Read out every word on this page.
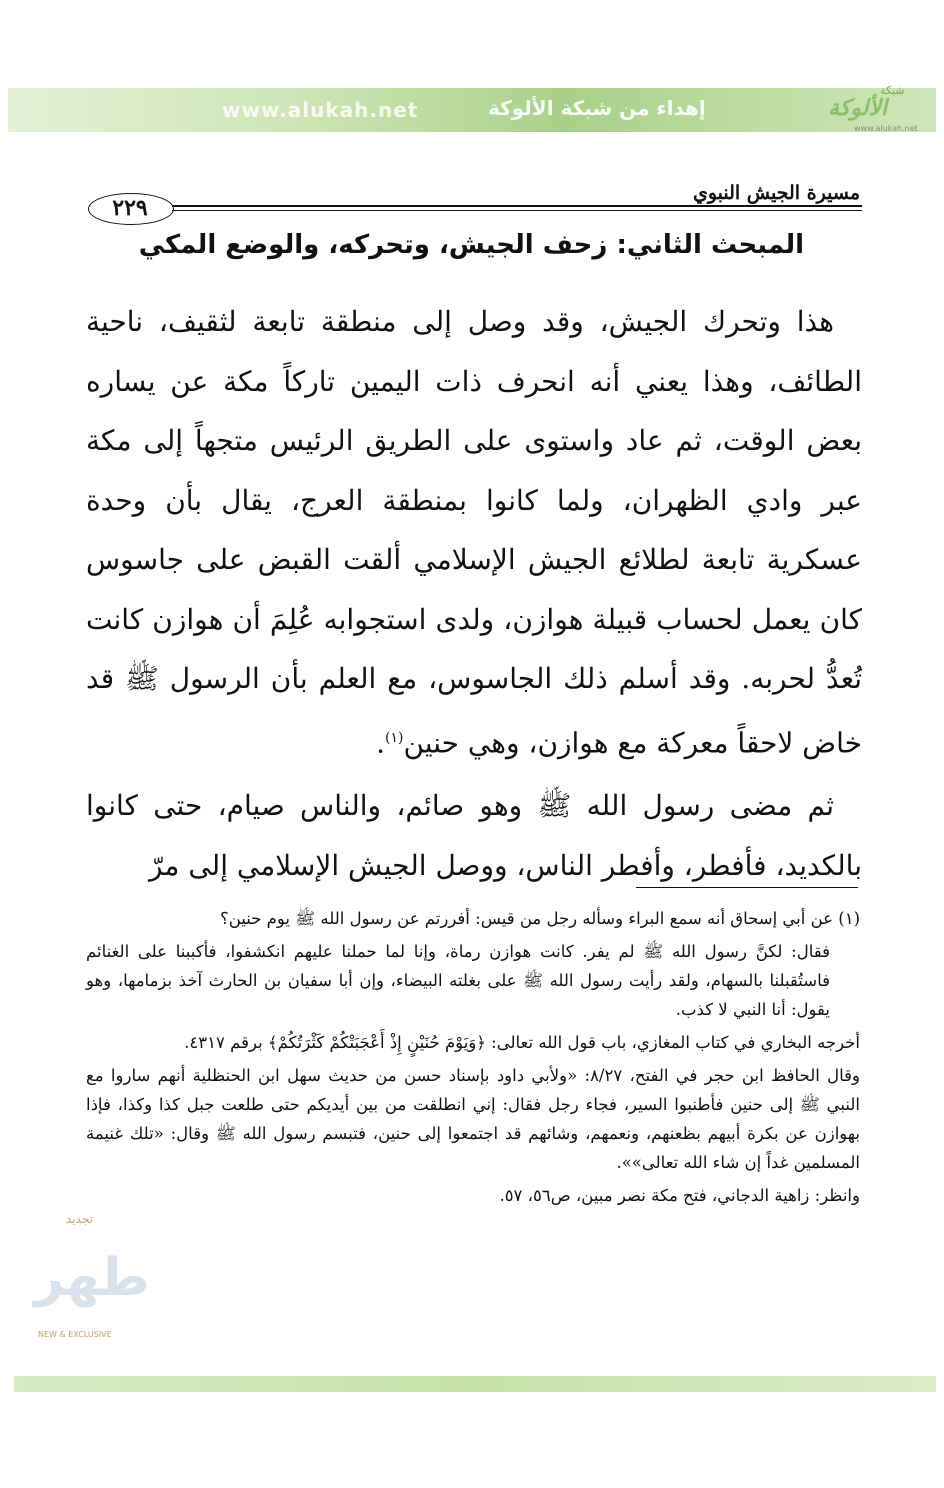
www.alukah.net	إهداء من شبكة الألوكة
شبكة
الألوكة
www.alukah.net
مسيرة الجيش النبوي
٢٢٩
المبحث الثاني: زحف الجيش، وتحركه، والوضع المكي

هذا وتحرك الجيش، وقد وصل إلى منطقة تابعة لثقيف، ناحية الطائف، وهذا يعني أنه انحرف ذات اليمين تاركاً مكة عن يساره بعض الوقت، ثم عاد واستوى على الطريق الرئيس متجهاً إلى مكة عبر وادي الظهران، ولما كانوا بمنطقة العرج، يقال بأن وحدة عسكرية تابعة لطلائع الجيش الإسلامي ألقت القبض على جاسوس كان يعمل لحساب قبيلة هوازن، ولدى استجوابه عُلِمَ أن هوازن كانت تُعدُّ لحربه. وقد أسلم ذلك الجاسوس، مع العلم بأن الرسول ﷺ قد خاض لاحقاً معركة مع هوازن، وهي حنين$^{(١)}$.

ثم مضى رسول الله ﷺ وهو صائم، والناس صيام، حتى كانوا بالكديد، فأفطر، وأفطر الناس، ووصل الجيش الإسلامي إلى مرّ

(١) عن أبي إسحاق أنه سمع البراء وسأله رجل من قيس: أفررتم عن رسول الله ﷺ يوم حنين؟

فقال: لكنَّ رسول الله ﷺ لم يفر. كانت هوازن رماة، وإنا لما حملنا عليهم انكشفوا، فأكببنا على الغنائم فاستُقبلنا بالسهام، ولقد رأيت رسول الله ﷺ على بغلته البيضاء، وإن أبا سفيان بن الحارث آخذ بزمامها، وهو يقول: أنا النبي لا كذب.

أخرجه البخاري في كتاب المغازي، باب قول الله تعالى: ﴿وَيَوْمَ حُنَيْنٍ إِذْ أَعْجَبَتْكُمْ كَثْرَتُكُمْ﴾ برقم ٤٣١٧.

وقال الحافظ ابن حجر في الفتح، ٨/٢٧: «ولأبي داود بإسناد حسن من حديث سهل ابن الحنظلية أنهم ساروا مع النبي ﷺ إلى حنين فأطنبوا السير، فجاء رجل فقال: إني انطلقت من بين أيديكم حتى طلعت جبل كذا وكذا، فإذا بهوازن عن بكرة أبيهم بظعنهم، ونعمهم، وشائهم قد اجتمعوا إلى حنين، فتبسم رسول الله ﷺ وقال: «تلك غنيمة المسلمين غداً إن شاء الله تعالى»».

وانظر: زاهية الدجاني، فتح مكة نصر مبين، ص٥٦، ٥٧.

تجديد
طهر
NEW & EXCLUSIVE
